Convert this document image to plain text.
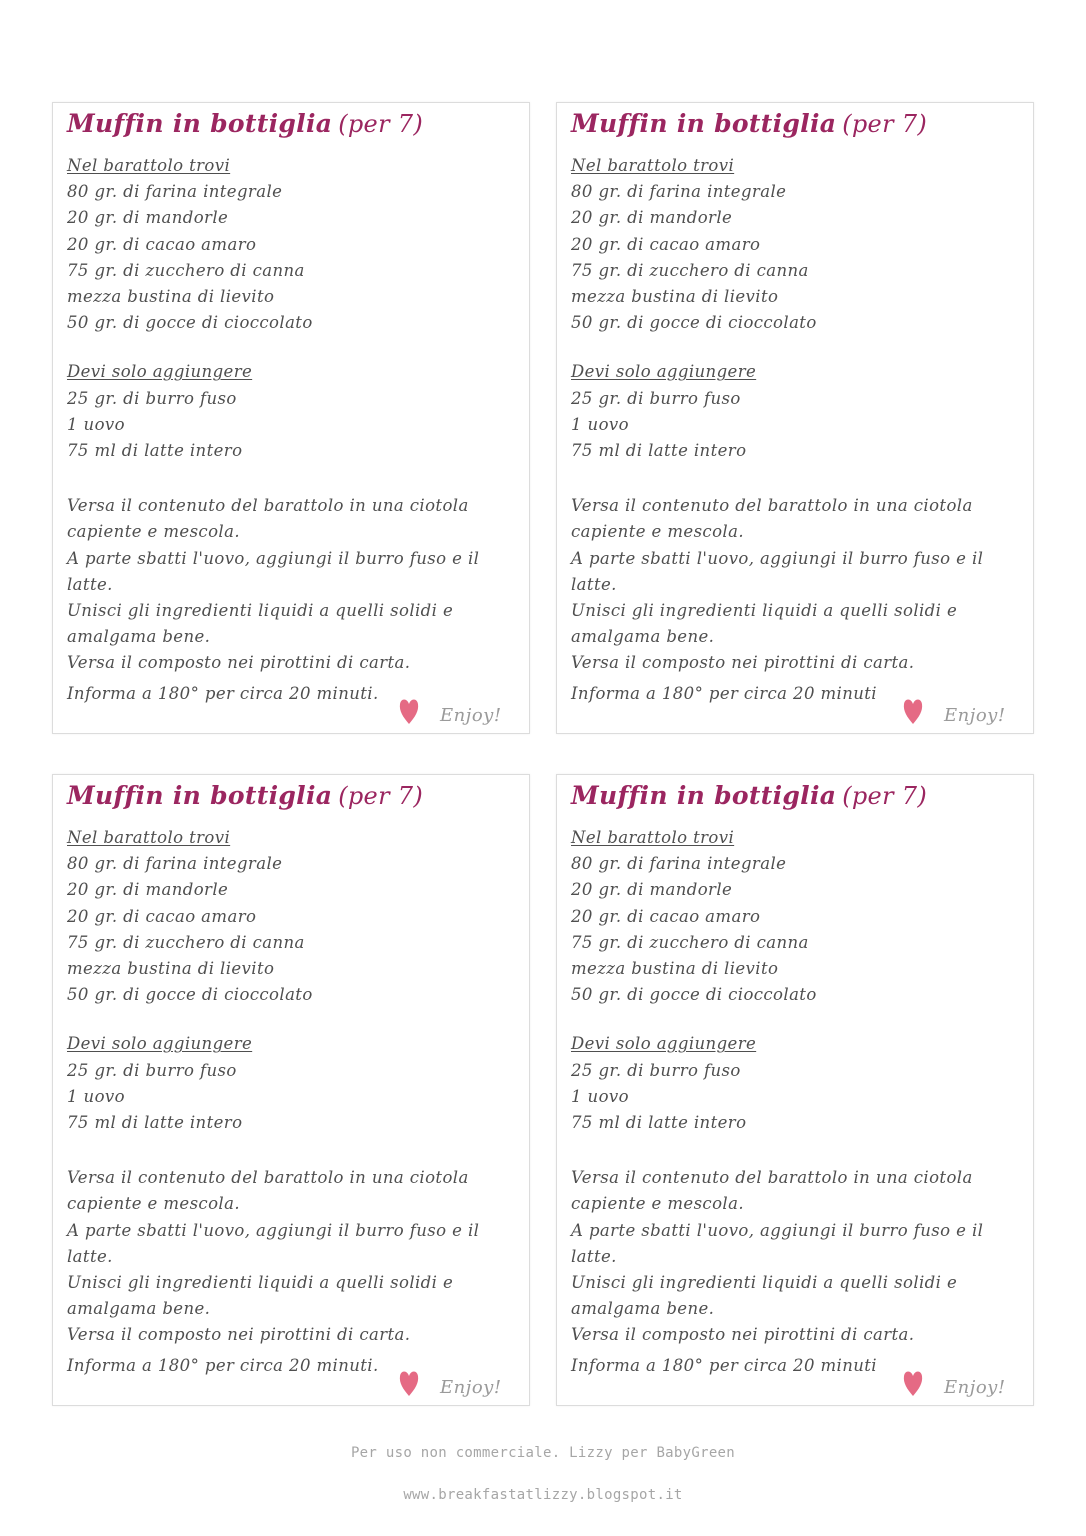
Muffin in bottiglia (per 7)
Nel barattolo trovi
80 gr. di farina integrale
20 gr. di mandorle
20 gr. di cacao amaro
75 gr. di zucchero di canna
mezza bustina di lievito
50 gr. di gocce di cioccolato
Devi solo aggiungere
25 gr. di burro fuso
1 uovo
75 ml di latte intero
Versa il contenuto del barattolo in una ciotola
capiente e mescola.
A parte sbatti l'uovo, aggiungi il burro fuso e il
latte.
Unisci gli ingredienti liquidi a quelli solidi e
amalgama bene.
Versa il composto nei pirottini di carta.
Informa a 180° per circa 20 minuti.
Enjoy!
Muffin in bottiglia (per 7)
Nel barattolo trovi
80 gr. di farina integrale
20 gr. di mandorle
20 gr. di cacao amaro
75 gr. di zucchero di canna
mezza bustina di lievito
50 gr. di gocce di cioccolato
Devi solo aggiungere
25 gr. di burro fuso
1 uovo
75 ml di latte intero
Versa il contenuto del barattolo in una ciotola
capiente e mescola.
A parte sbatti l'uovo, aggiungi il burro fuso e il
latte.
Unisci gli ingredienti liquidi a quelli solidi e
amalgama bene.
Versa il composto nei pirottini di carta.
Informa a 180° per circa 20 minuti
Enjoy!
Muffin in bottiglia (per 7)
Nel barattolo trovi
80 gr. di farina integrale
20 gr. di mandorle
20 gr. di cacao amaro
75 gr. di zucchero di canna
mezza bustina di lievito
50 gr. di gocce di cioccolato
Devi solo aggiungere
25 gr. di burro fuso
1 uovo
75 ml di latte intero
Versa il contenuto del barattolo in una ciotola
capiente e mescola.
A parte sbatti l'uovo, aggiungi il burro fuso e il
latte.
Unisci gli ingredienti liquidi a quelli solidi e
amalgama bene.
Versa il composto nei pirottini di carta.
Informa a 180° per circa 20 minuti.
Enjoy!
Muffin in bottiglia (per 7)
Nel barattolo trovi
80 gr. di farina integrale
20 gr. di mandorle
20 gr. di cacao amaro
75 gr. di zucchero di canna
mezza bustina di lievito
50 gr. di gocce di cioccolato
Devi solo aggiungere
25 gr. di burro fuso
1 uovo
75 ml di latte intero
Versa il contenuto del barattolo in una ciotola
capiente e mescola.
A parte sbatti l'uovo, aggiungi il burro fuso e il
latte.
Unisci gli ingredienti liquidi a quelli solidi e
amalgama bene.
Versa il composto nei pirottini di carta.
Informa a 180° per circa 20 minuti
Enjoy!
Per uso non commerciale. Lizzy per BabyGreen
www.breakfastatlizzy.blogspot.it
